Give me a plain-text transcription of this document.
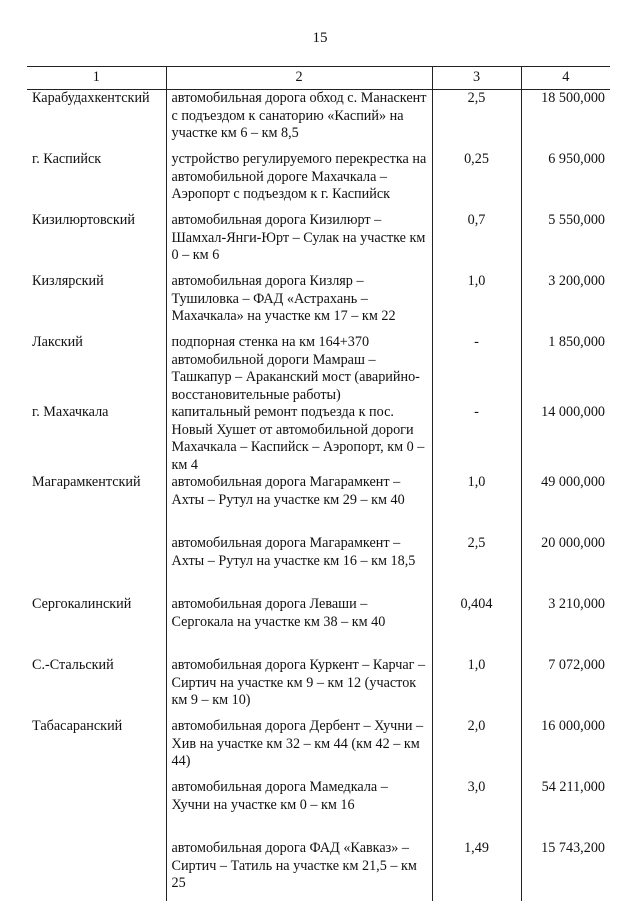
15
1	2	3	4
Карабудахкентский	автомобильная дорога обход с. Манаскент с подъездом к санаторию «Каспий» на участке км 6 – км 8,5	2,5	18 500,000
г. Каспийск	устройство регулируемого перекрестка на автомобильной дороге Махачкала – Аэропорт с подъездом к г. Каспийск	0,25	6 950,000
Кизилюртовский	автомобильная дорога Кизилюрт – Шамхал-Янги-Юрт – Сулак на участке км 0 – км 6	0,7	5 550,000
Кизлярский	автомобильная дорога Кизляр – Тушиловка – ФАД «Астрахань – Махачкала» на участке км 17 – км 22	1,0	3 200,000
Лакский	подпорная стенка на км 164+370 автомобильной дороги Мамраш – Ташкапур – Араканский мост (аварийно-восстановительные работы)	-	1 850,000
г. Махачкала	капитальный ремонт подъезда к пос. Новый Хушет от автомобильной дороги Махачкала – Каспийск – Аэропорт, км 0 – км 4	-	14 000,000
Магарамкентский	автомобильная дорога Магарамкент – Ахты – Рутул на участке км 29 – км 40	1,0	49 000,000
	автомобильная дорога Магарамкент – Ахты – Рутул на участке км 16 – км 18,5	2,5	20 000,000
Сергокалинский	автомобильная дорога Леваши – Сергокала на участке км 38 – км 40	0,404	3 210,000
С.-Стальский	автомобильная дорога Куркент – Карчаг – Сиртич на участке км 9 – км 12 (участок км 9 – км 10)	1,0	7 072,000
Табасаранский	автомобильная дорога Дербент – Хучни – Хив на участке км 32 – км 44 (км 42 – км 44)	2,0	16 000,000
	автомобильная дорога Мамедкала – Хучни на участке км 0 – км 16	3,0	54 211,000
	автомобильная дорога ФАД «Кавказ» – Сиртич – Татиль на участке км 21,5 – км 25	1,49	15 743,200
